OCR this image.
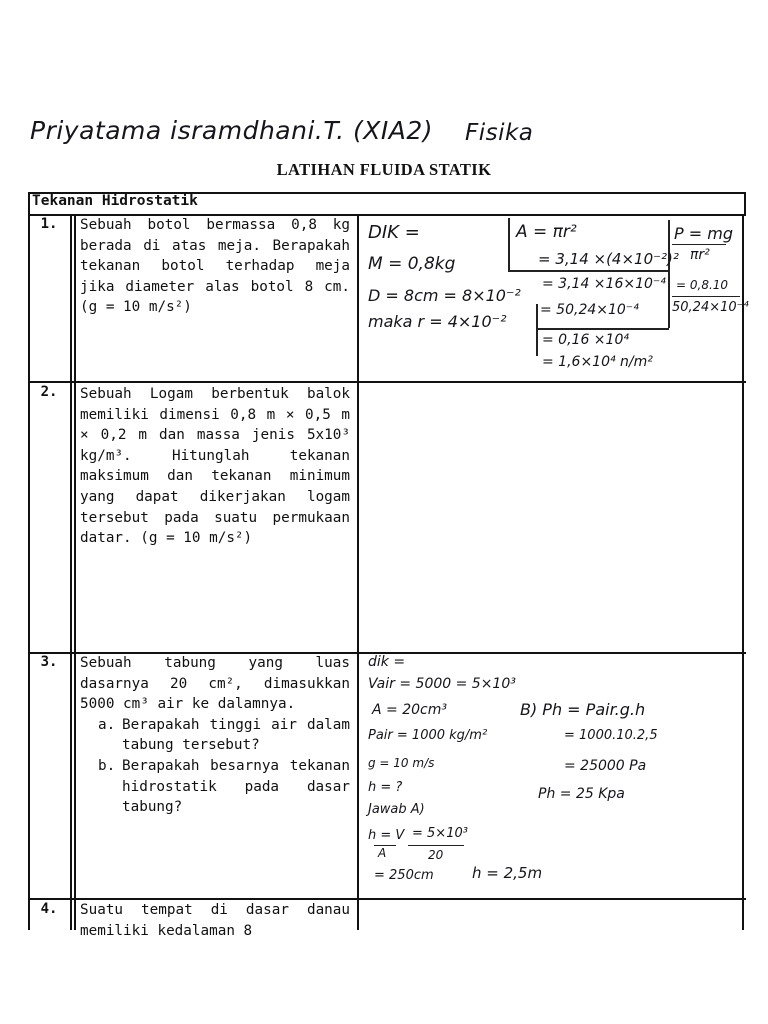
Priyatama isramdhani.T. (XIA2) Fisika
LATIHAN FLUIDA STATIK
Tekanan Hidrostatik
1.	Sebuah botol bermassa 0,8 kg berada di atas meja. Berapakah tekanan botol terhadap meja jika diameter alas botol 8 cm. (g = 10 m/s²)
DIK =
M = 0,8kg
D = 8cm = 8×10⁻²
maka r = 4×10⁻²
A = πr²
= 3,14 ×(4×10⁻²)²
= 3,14 ×16×10⁻⁴
= 50,24×10⁻⁴
P = mg
πr²
= 0,8.10
50,24×10⁻⁴
= 0,16 ×10⁴
= 1,6×10⁴ n/m²
2.	Sebuah Logam berbentuk balok memiliki dimensi 0,8 m × 0,5 m × 0,2 m dan massa jenis 5x10³ kg/m³. Hitunglah tekanan maksimum dan tekanan minimum yang dapat dikerjakan logam tersebut pada suatu permukaan datar. (g = 10 m/s²)
3.	Sebuah tabung yang luas dasarnya 20 cm², dimasukkan 5000 cm³ air ke dalamnya.

a. Berapakah tinggi air dalam tabung tersebut?
b. Berapakah besarnya tekanan hidrostatik pada dasar tabung?
dik =
Vair = 5000 = 5×10³
A = 20cm³
Pair = 1000 kg/m²
g = 10 m/s
h = ?
Jawab A)
h = V
A
= 5×10³
20
= 250cm	h = 2,5m
B) Ph = Pair.g.h
= 1000.10.2,5
= 25000 Pa
Ph = 25 Kpa
4.	Suatu tempat di dasar danau memiliki kedalaman 8
